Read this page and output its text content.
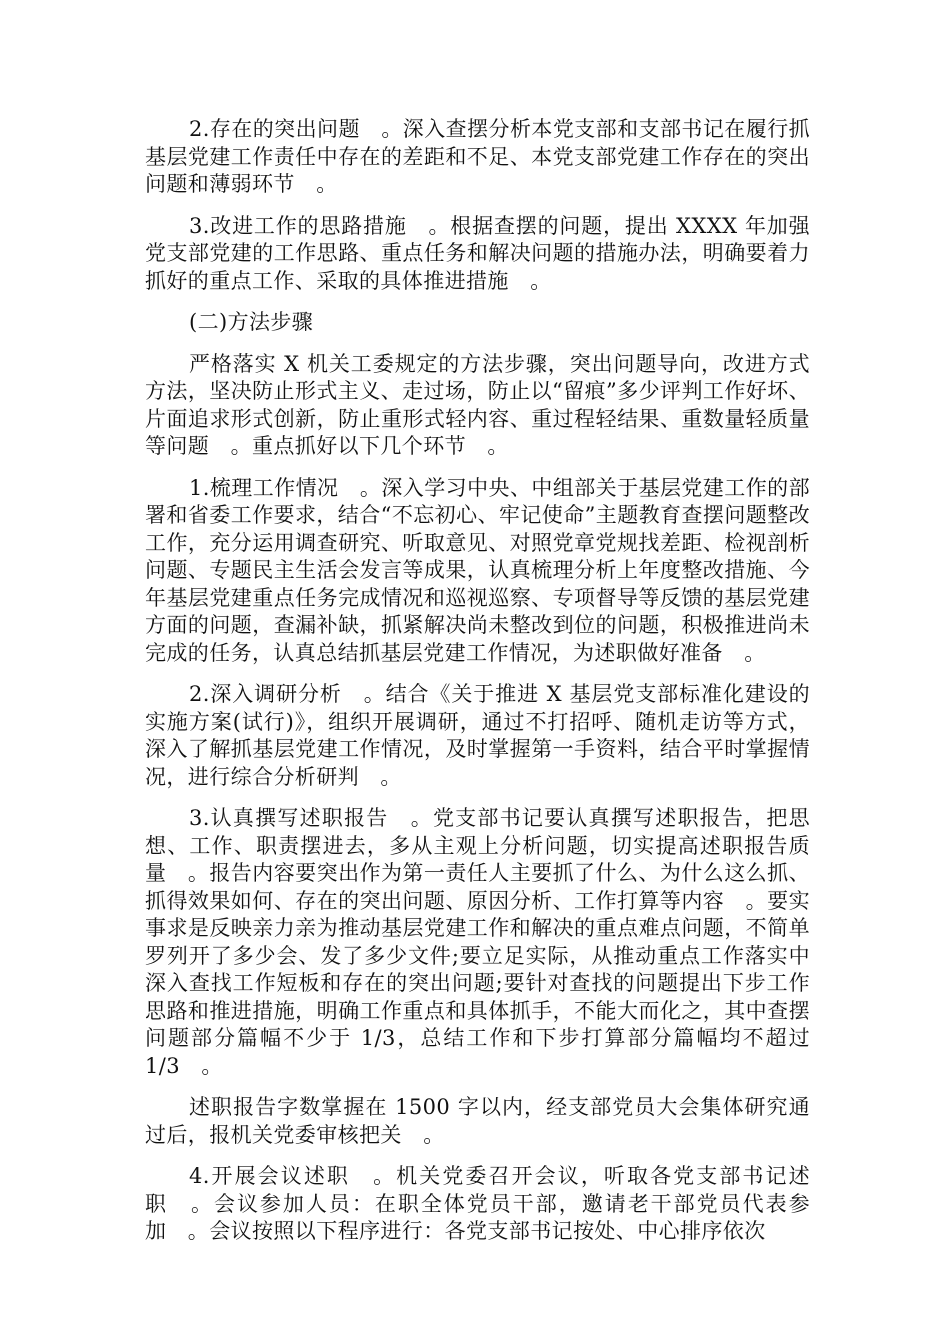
2.存在的突出问题　。深入查摆分析本党支部和支部书记在履行抓基层党建工作责任中存在的差距和不足、本党支部党建工作存在的突出问题和薄弱环节　。

3.改进工作的思路措施　。根据查摆的问题，提出 XXXX 年加强党支部党建的工作思路、重点任务和解决问题的措施办法，明确要着力抓好的重点工作、采取的具体推进措施　。

(二)方法步骤

严格落实 X 机关工委规定的方法步骤，突出问题导向，改进方式方法，坚决防止形式主义、走过场，防止以“留痕”多少评判工作好坏、片面追求形式创新，防止重形式轻内容、重过程轻结果、重数量轻质量等问题　。重点抓好以下几个环节　。

1.梳理工作情况　。深入学习中央、中组部关于基层党建工作的部署和省委工作要求，结合“不忘初心、牢记使命”主题教育查摆问题整改工作，充分运用调查研究、听取意见、对照党章党规找差距、检视剖析问题、专题民主生活会发言等成果，认真梳理分析上年度整改措施、今年基层党建重点任务完成情况和巡视巡察、专项督导等反馈的基层党建方面的问题，查漏补缺，抓紧解决尚未整改到位的问题，积极推进尚未完成的任务，认真总结抓基层党建工作情况，为述职做好准备　。

2.深入调研分析　。结合《关于推进 X 基层党支部标准化建设的实施方案(试行)》，组织开展调研，通过不打招呼、随机走访等方式，深入了解抓基层党建工作情况，及时掌握第一手资料，结合平时掌握情况，进行综合分析研判　。

3.认真撰写述职报告　。党支部书记要认真撰写述职报告，把思想、工作、职责摆进去，多从主观上分析问题，切实提高述职报告质量　。报告内容要突出作为第一责任人主要抓了什么、为什么这么抓、抓得效果如何、存在的突出问题、原因分析、工作打算等内容　。要实事求是反映亲力亲为推动基层党建工作和解决的重点难点问题，不简单罗列开了多少会、发了多少文件;要立足实际，从推动重点工作落实中深入查找工作短板和存在的突出问题;要针对查找的问题提出下步工作思路和推进措施，明确工作重点和具体抓手，不能大而化之，其中查摆问题部分篇幅不少于 1/3，总结工作和下步打算部分篇幅均不超过 1/3　。

述职报告字数掌握在 1500 字以内，经支部党员大会集体研究通过后，报机关党委审核把关　。

4.开展会议述职　。机关党委召开会议，听取各党支部书记述职　。会议参加人员：在职全体党员干部，邀请老干部党员代表参加　。会议按照以下程序进行：各党支部书记按处、中心排序依次
